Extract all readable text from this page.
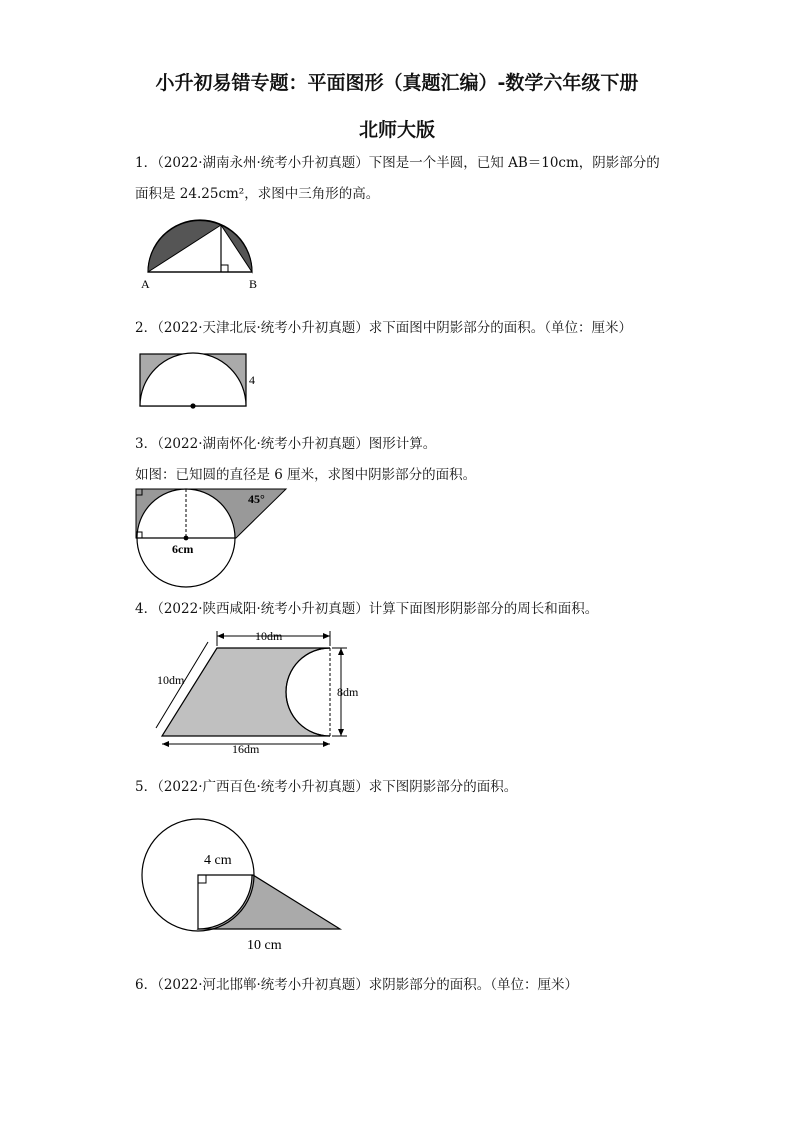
小升初易错专题：平面图形（真题汇编）-数学六年级下册
北师大版
1．（2022·湖南永州·统考小升初真题）下图是一个半圆，已知 AB＝10cm，阴影部分的
面积是 24.25cm²，求图中三角形的高。
A	B
2．（2022·天津北辰·统考小升初真题）求下面图中阴影部分的面积。（单位：厘米）
4
3．（2022·湖南怀化·统考小升初真题）图形计算。
如图：已知圆的直径是 6 厘米，求图中阴影部分的面积。
45°
6cm
4．（2022·陕西咸阳·统考小升初真题）计算下面图形阴影部分的周长和面积。
10dm
10dm
16dm
8dm
5．（2022·广西百色·统考小升初真题）求下图阴影部分的面积。
4 cm
10 cm
6．（2022·河北邯郸·统考小升初真题）求阴影部分的面积。（单位：厘米）
